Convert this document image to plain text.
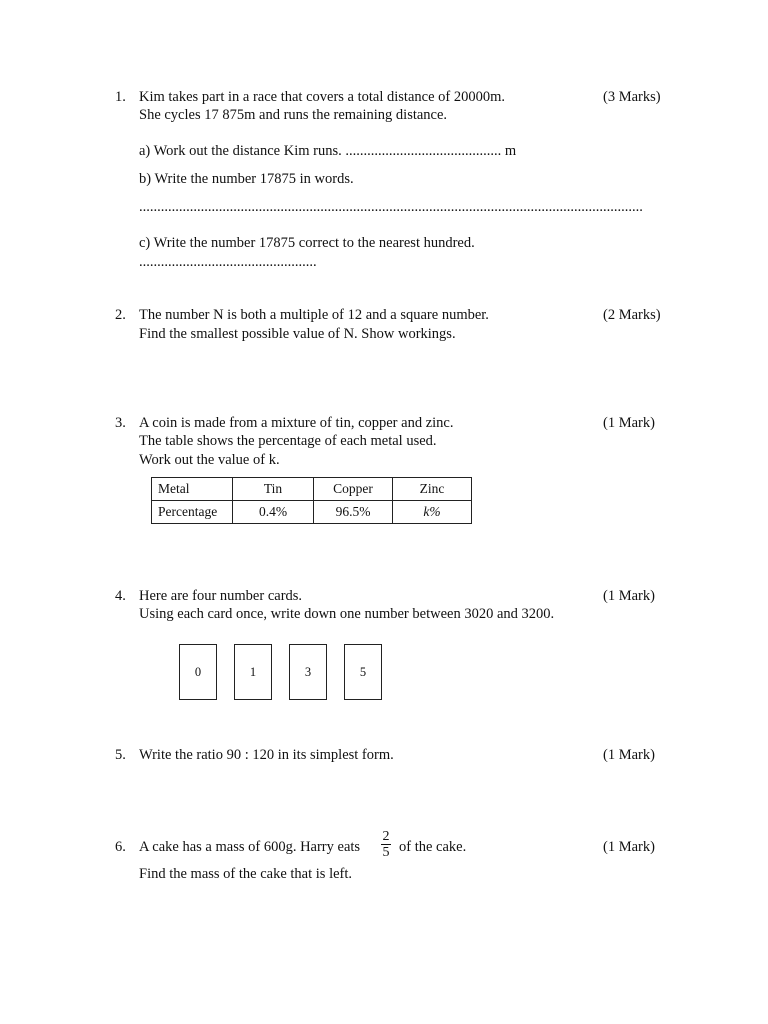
1. Kim takes part in a race that covers a total distance of 20000m.	(3 Marks)
She cycles 17 875m and runs the remaining distance.
a) Work out the distance Kim runs. ........................................... m
b) Write the number 17875 in words.
...........................................................................................................................................
c) Write the number 17875 correct to the nearest hundred.
.................................................
2. The number N is both a multiple of 12 and a square number.	(2 Marks)
Find the smallest possible value of N. Show workings.
3. A coin is made from a mixture of tin, copper and zinc.	(1 Mark)
The table shows the percentage of each metal used.
Work out the value of k.
Metal	Tin	Copper	Zinc
Percentage	0.4%	96.5%	k%
4. Here are four number cards.	(1 Mark)
Using each card once, write down one number between 3020 and 3200.
0	1	3	5
5. Write the ratio 90 : 120 in its simplest form.	(1 Mark)
6. A cake has a mass of 600g. Harry eats
2
5 of the cake.	(1 Mark)
Find the mass of the cake that is left.
